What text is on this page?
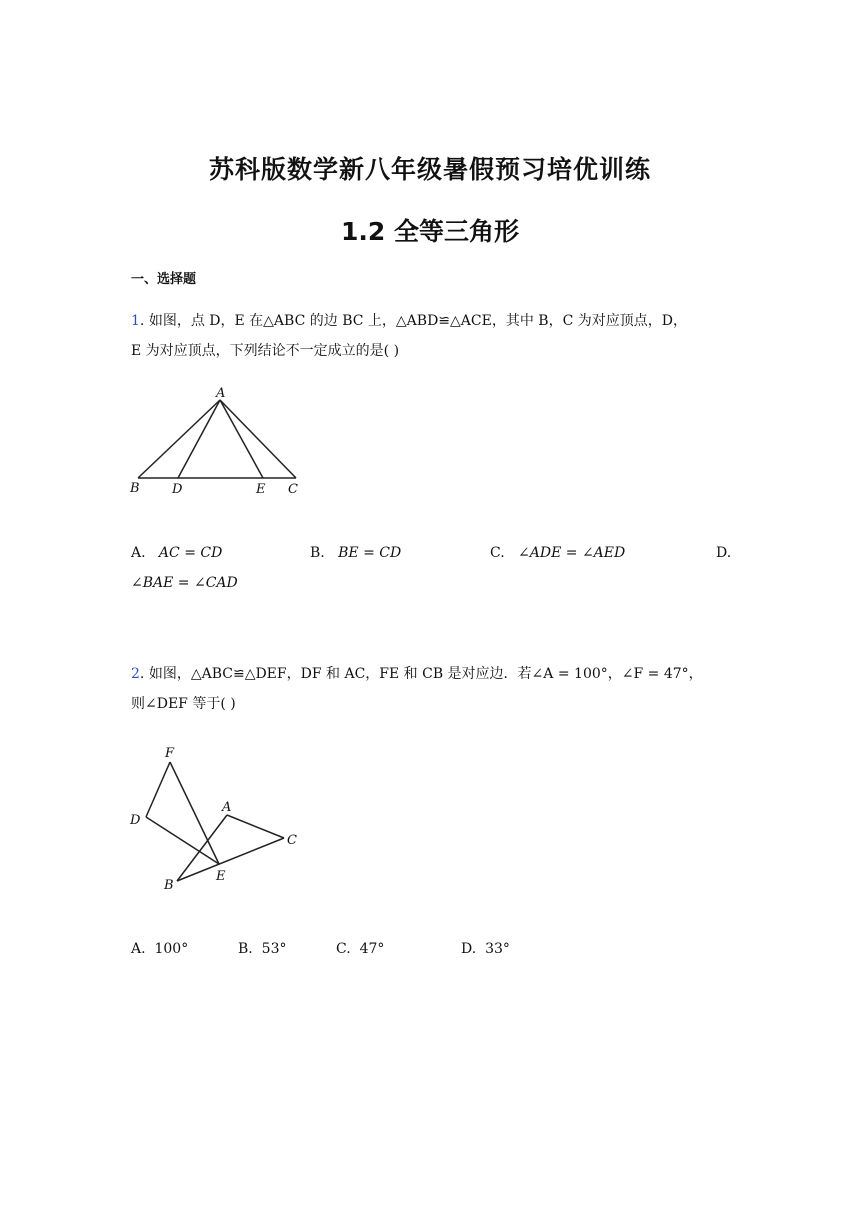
苏科版数学新八年级暑假预习培优训练
1.2 全等三角形
一、选择题
1. 如图，点 D，E 在△ABC 的边 BC 上，△ABD≌△ACE，其中 B，C 为对应顶点，D，
E 为对应顶点，下列结论不一定成立的是( )
A
B D	E C
A. AC = CD	B. BE = CD	C. ∠ADE = ∠AED	D.
∠BAE = ∠CAD
2. 如图，△ABC≌△DEF，DF 和 AC，FE 和 CB 是对应边．若∠A = 100°，∠F = 47°，
则∠DEF 等于( )
F
D
A
C
E
B
A. 100°	B. 53°	C. 47°	D. 33°
